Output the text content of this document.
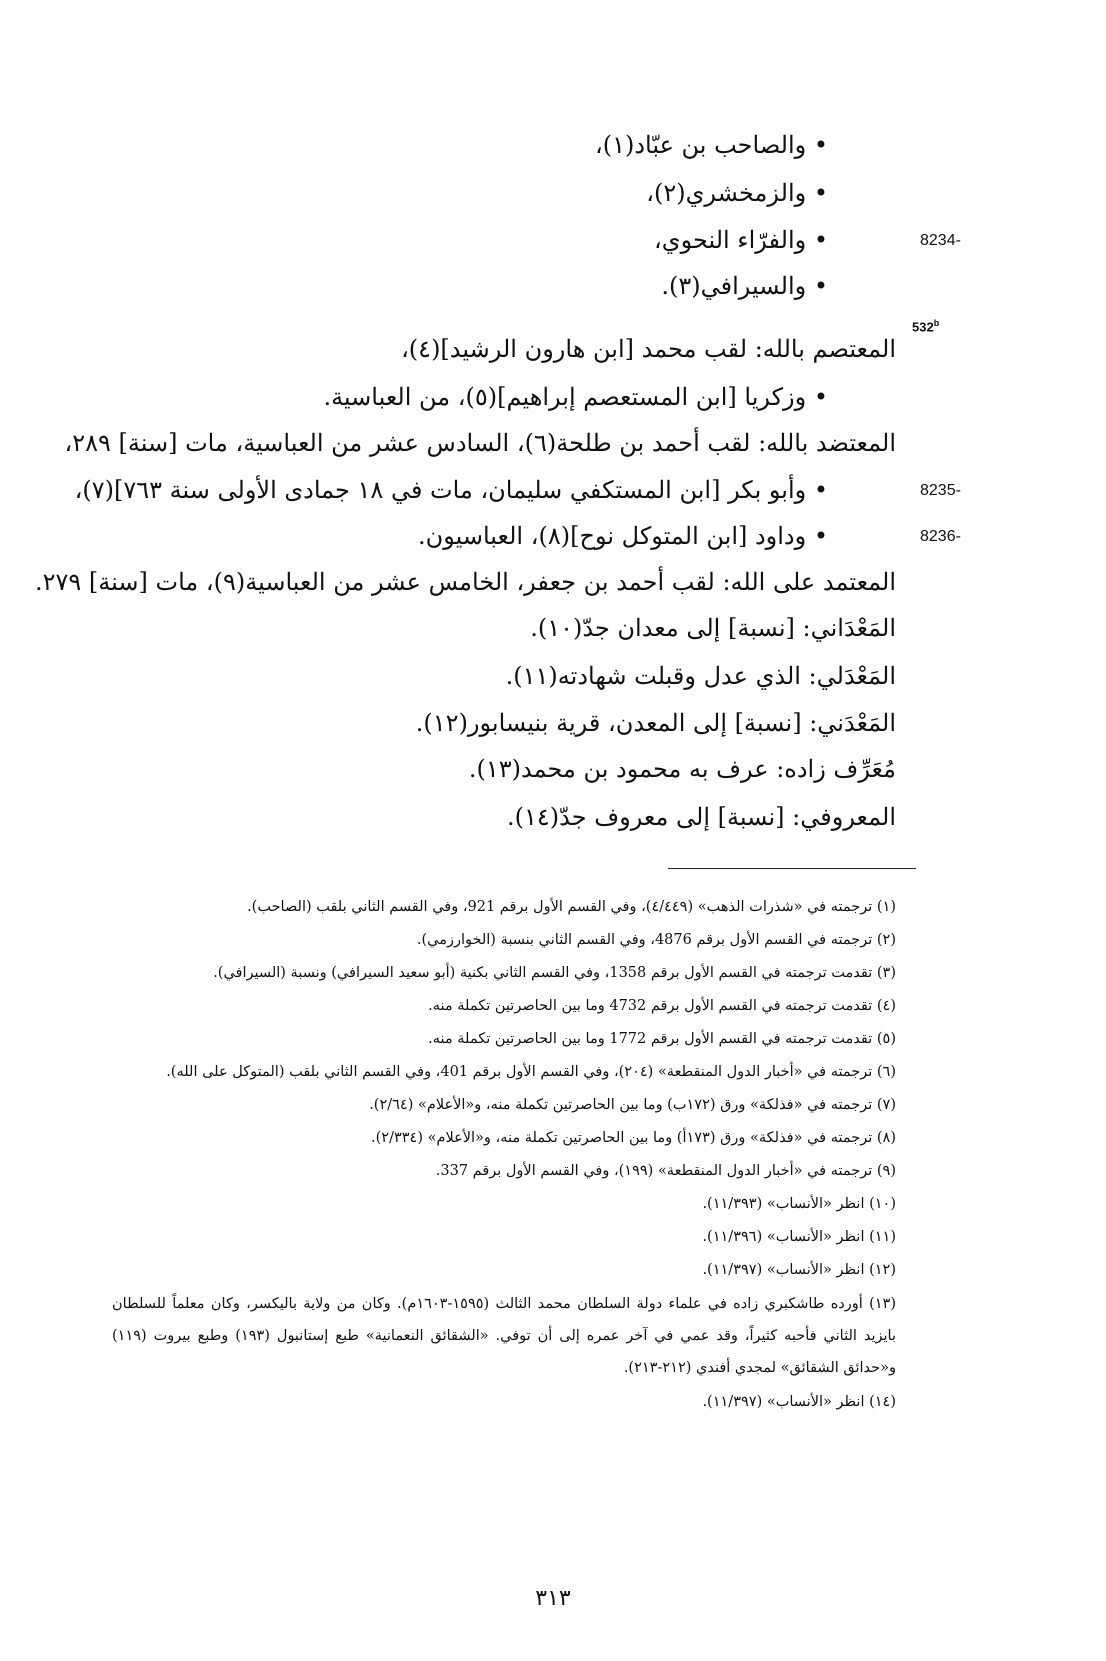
• والصاحب بن عبّاد(١)،
• والزمخشري(٢)،
• والفرّاء النحوي،	8234-
• والسيرافي(٣).
532$^b$
المعتصم بالله: لقب محمد [ابن هارون الرشيد](٤)،
• وزكريا [ابن المستعصم إبراهيم](٥)، من العباسية.
المعتضد بالله: لقب أحمد بن طلحة(٦)، السادس عشر من العباسية، مات [سنة] ٢٨٩،
• وأبو بكر [ابن المستكفي سليمان، مات في ١٨ جمادى الأولى سنة ٧٦٣](٧)،	8235-
• وداود [ابن المتوكل نوح](٨)، العباسيون.	8236-
المعتمد على الله: لقب أحمد بن جعفر، الخامس عشر من العباسية(٩)، مات [سنة] ٢٧٩.
المَعْدَاني: [نسبة] إلى معدان جدّ(١٠).
المَعْدَلي: الذي عدل وقبلت شهادته(١١).
المَعْدَني: [نسبة] إلى المعدن، قرية بنيسابور(١٢).
مُعَرِّف زاده: عرف به محمود بن محمد(١٣).
المعروفي: [نسبة] إلى معروف جدّ(١٤).
(١) ترجمته في «شذرات الذهب» (٤/٤٤٩)، وفي القسم الأول برقم 921، وفي القسم الثاني بلقب (الصاحب).
(٢) ترجمته في القسم الأول برقم 4876، وفي القسم الثاني بنسبة (الخوارزمي).
(٣) تقدمت ترجمته في القسم الأول برقم 1358، وفي القسم الثاني بكنية (أبو سعيد السيرافي) ونسبة (السيرافي).
(٤) تقدمت ترجمته في القسم الأول برقم 4732 وما بين الحاصرتين تكملة منه.
(٥) تقدمت ترجمته في القسم الأول برقم 1772 وما بين الحاصرتين تكملة منه.
(٦) ترجمته في «أخبار الدول المنقطعة» (٢٠٤)، وفي القسم الأول برقم 401، وفي القسم الثاني بلقب (المتوكل على الله).
(٧) ترجمته في «فذلكة» ورق (١٧٢ب) وما بين الحاصرتين تكملة منه، و«الأعلام» (٢/٦٤).
(٨) ترجمته في «فذلكة» ورق (١٧٣أ) وما بين الحاصرتين تكملة منه، و«الأعلام» (٢/٣٣٤).
(٩) ترجمته في «أخبار الدول المنقطعة» (١٩٩)، وفي القسم الأول برقم 337.
(١٠) انظر «الأنساب» (١١/٣٩٣).
(١١) انظر «الأنساب» (١١/٣٩٦).
(١٢) انظر «الأنساب» (١١/٣٩٧).
(١٣) أورده طاشكبري زاده في علماء دولة السلطان محمد الثالث (١٥٩٥-١٦٠٣م). وكان من ولاية باليكسر، وكان معلماً للسلطان بايزيد الثاني فأحبه كثيراً، وقد عمي في آخر عمره إلى أن توفي. «الشقائق النعمانية» طبع إستانبول (١٩٣) وطبع بيروت (١١٩) و«حدائق الشقائق» لمجدي أفندي (٢١٢-٢١٣).
(١٤) انظر «الأنساب» (١١/٣٩٧).
٣١٣
